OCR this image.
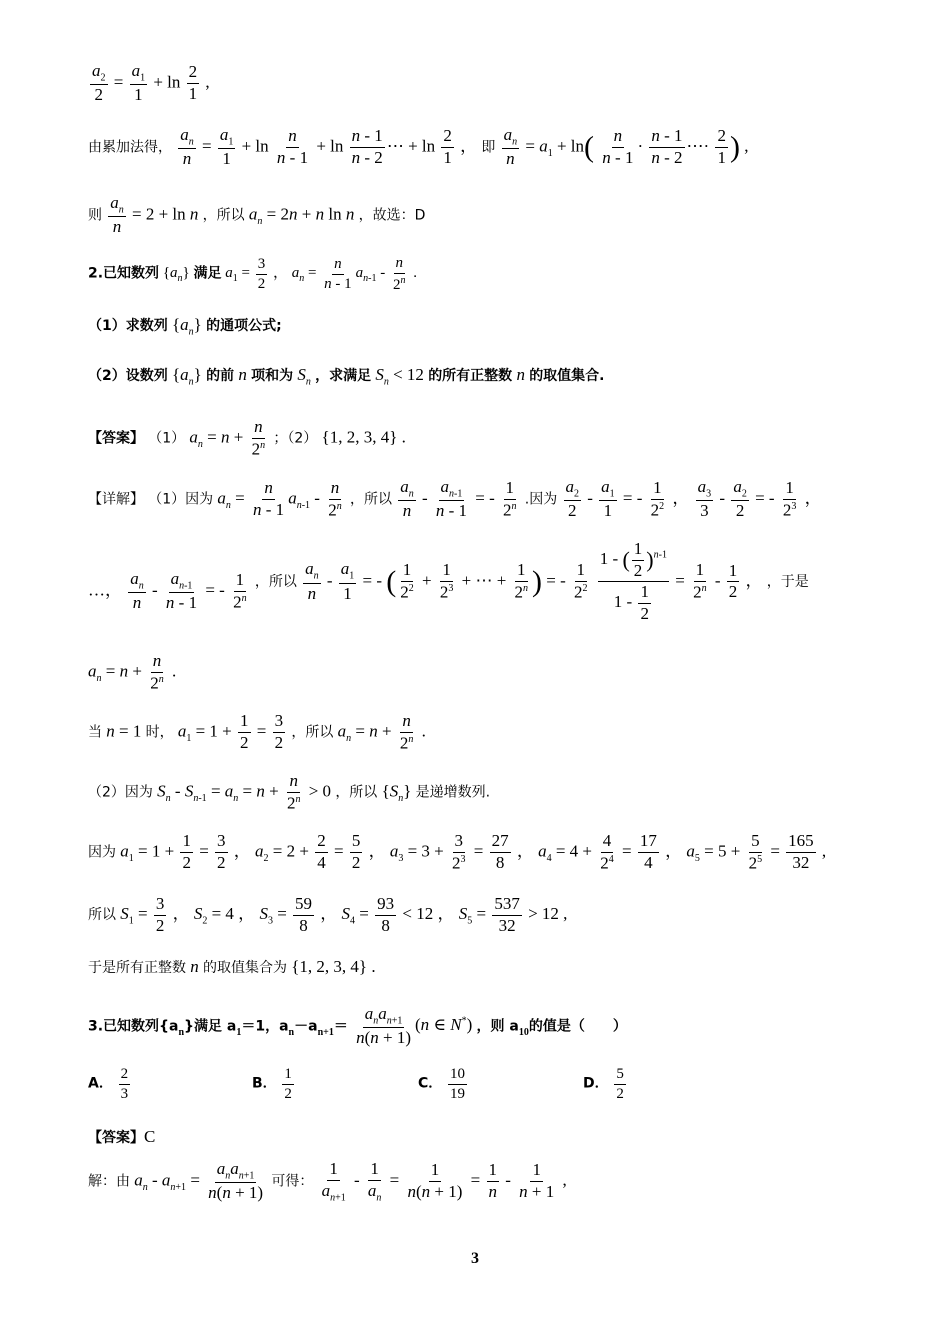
$\frac{a_2}{2} = \frac{a_1}{1} + \ln \frac{2}{1}$ ,
由累加法得， $\frac{a_n}{n} = \frac{a_1}{1} + \ln \frac{n}{n - 1} + \ln \frac{n - 1}{n - 2}$ ⋯ + $\ln \frac{2}{1}$ ， 即 $\frac{a_n}{n} = a_1 + \ln( \frac{n}{n - 1} \cdot \frac{n - 1}{n - 2}$ ⋯· $\frac{2}{1}$ ) ,
则 $\frac{a_n}{n} = 2 + \ln n$ ，所以 $a_n = 2n + n$ ln n ，故选：D
2.已知数列 $\{a_n\}$ 满足 $a_1 = \frac{3}{2}$ ， $a_n = \frac{n}{n - 1} a_{n-1} - \frac{n}{2^n}$ .
（1）求数列 $\{a_n\}$ 的通项公式;
（2）设数列 $\{a_n\}$ 的前 n 项和为 $S_n$ ，求满足 $S_n < 12$ 的所有正整数 n 的取值集合.
【答案】 （1） $a_n = n + \frac{n}{2^n}$ ；（2） {1, 2, 3, 4} .
【详解】 （1）因为 $a_n = \frac{n}{n - 1} a_{n-1} - \frac{n}{2^n}$ ，所以 $\frac{a_n}{n} - \frac{a_{n-1}}{n - 1}$ = - $\frac{1}{2^n}$ .因为 $\frac{a_2}{2} - \frac{a_1}{1}$ = - $\frac{1}{2^2}$ ， $\frac{a_3}{3} - \frac{a_2}{2}$ = - $\frac{1}{2^3}$ ，
…， $\frac{a_n}{n} - \frac{a_{n-1}}{n - 1}$ = - $\frac{1}{2^n}$ ，所以 $\frac{a_n}{n} - \frac{a_1}{1}$ = - ( $\frac{1}{2^2} + \frac{1}{2^3}$ + ⋯ + $\frac{1}{2^n}$ ) = - $\frac{1}{2^2}$
$\frac{1 - ( \frac{1}{2} )^{n-1}}{1 - \frac{1}{2}} = \frac{1}{2^n} - \frac{1}{2}$ ， ，于是
$a_n = n + \frac{n}{2^n}$ .
当 n = 1 时， $a_1 = 1 + \frac{1}{2} = \frac{3}{2}$ ，所以 $a_n = n + \frac{n}{2^n}$ .
（2）因为 $S_n - S_{n-1} = a_n = n + \frac{n}{2^n} > 0$ ，所以 $\{S_n\}$ 是递增数列.
因为 $a_1 = 1 + \frac{1}{2} = \frac{3}{2}$ ， $a_2 = 2 + \frac{2}{4} = \frac{5}{2}$ ， $a_3 = 3 + \frac{3}{2^3} = \frac{27}{8}$ ， $a_4 = 4 + \frac{4}{2^4} = \frac{17}{4}$ ， $a_5 = 5 + \frac{5}{2^5} = \frac{165}{32}$ ,
所以 $S_1 = \frac{3}{2}$ ， $S_2 = 4$ ， $S_3 = \frac{59}{8}$ ， $S_4 = \frac{93}{8} < 12$ ， $S_5 = \frac{537}{32} > 12$ ,
于是所有正整数 n 的取值集合为 {1, 2, 3, 4} .
3.已知数列$\{a_n\}$满足 $a_1=1$，$a_n-a_{n+1}= \frac{a_na_{n+1}}{n(n + 1)} (n$ ∈ N*) ，则 $a_{10}$的值是（　　）
A． $\frac{2}{3}$	B． $\frac{1}{2}$	C． $\frac{10}{19}$	D． $\frac{5}{2}$
【答案】C
解：由 $a_n - a_{n+1} = \frac{a_na_{n+1}}{n(n + 1)}$ 可得： $\frac{1}{a_{n+1}} - \frac{1}{a_n} = \frac{1}{n(n + 1)} = \frac{1}{n} - \frac{1}{n + 1}$ ,
3
